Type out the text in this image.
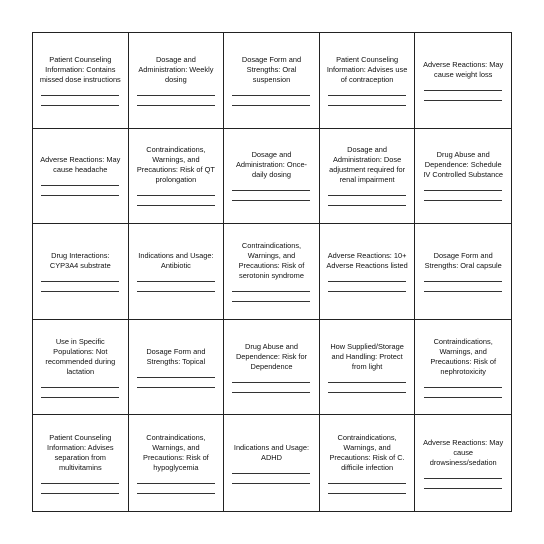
Patient Counseling Information: Contains missed dose instructions
Dosage and Administration: Weekly dosing
Dosage Form and Strengths: Oral suspension
Patient Counseling Information: Advises use of contraception
Adverse Reactions: May cause weight loss
Adverse Reactions: May cause headache
Contraindications, Warnings, and Precautions: Risk of QT prolongation
Dosage and Administration: Once-daily dosing
Dosage and Administration: Dose adjustment required for renal impairment
Drug Abuse and Dependence: Schedule IV Controlled Substance
Drug Interactions: CYP3A4 substrate
Indications and Usage: Antibiotic
Contraindications, Warnings, and Precautions: Risk of serotonin syndrome
Adverse Reactions: 10+ Adverse Reactions listed
Dosage Form and Strengths: Oral capsule
Use in Specific Populations: Not recommended during lactation
Dosage Form and Strengths: Topical
Drug Abuse and Dependence: Risk for Dependence
How Supplied/Storage and Handling: Protect from light
Contraindications, Warnings, and Precautions: Risk of nephrotoxicity
Patient Counseling Information: Advises separation from multivitamins
Contraindications, Warnings, and Precautions: Risk of hypoglycemia
Indications and Usage: ADHD
Contraindications, Warnings, and Precautions: Risk of C. difficile infection
Adverse Reactions: May cause drowsiness/sedation
